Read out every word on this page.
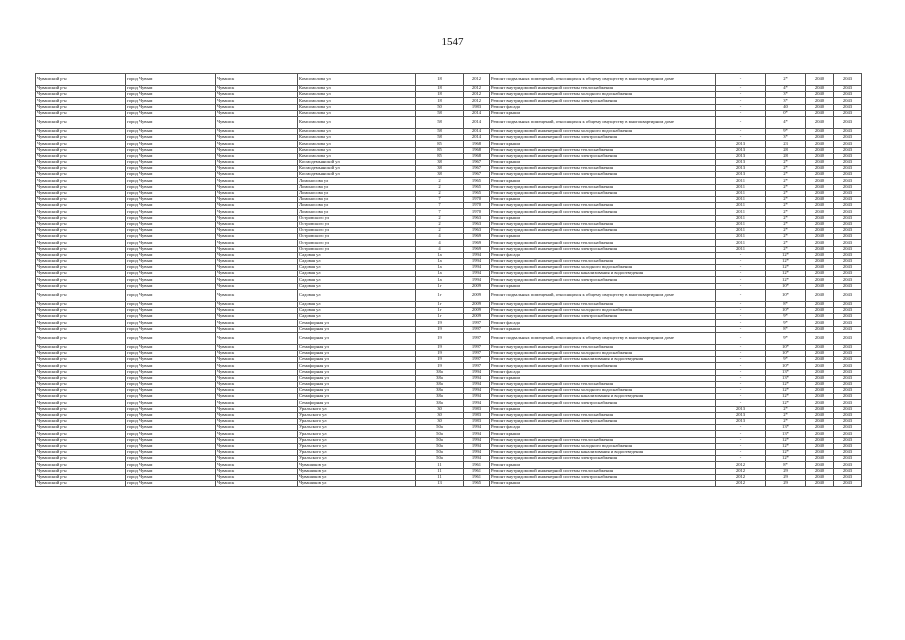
1547
Чувашский р-н	город Чувым	Чувашск	Комсомолова ул	18	2012	Ремонт подвальных помещений, относящихся к общему имуществу в многоквартирном доме	-	2*	2040	2043
Чувашский р-н	город Чувым	Чувашск	Комсомолова ул	18	2012	Ремонт внутридомовой инженерной системы теплоснабжения	-	4*	2040	2043
Чувашский р-н	город Чувым	Чувашск	Комсомолова ул	18	2012	Ремонт внутридомовой инженерной системы холодного водоснабжения	-	3*	2040	2043
Чувашский р-н	город Чувым	Чувашск	Комсомолова ул	18	2012	Ремонт внутридомовой инженерной системы электроснабжения	-	3*	2040	2043
Чувашский р-н	город Чувым	Чувашск	Комсомолова ул	50	1983	Ремонт фасада	-	40	2040	2043
Чувашский р-н	город Чувым	Чувашск	Комсомолова ул	58	2014	Ремонт крыши	-	0*	2040	2043
Чувашский р-н	город Чувым	Чувашск	Комсомолова ул	58	2014	Ремонт подвальных помещений, относящихся к общему имуществу в многоквартирном доме	-	4*	2040	2043
Чувашский р-н	город Чувым	Чувашск	Комсомолова ул	58	2014	Ремонт внутридомовой инженерной системы холодного водоснабжения	-	9*	2040	2043
Чувашский р-н	город Чувым	Чувашск	Комсомолова ул	58	2014	Ремонт внутридомовой инженерной системы электроснабжения	-	3*	2040	2043
Чувашский р-н	город Чувым	Чувашск	Комсомолова ул	85	1968	Ремонт крыши	2013	23	2040	2043
Чувашский р-н	город Чувым	Чувашск	Комсомолова ул	85	1968	Ремонт внутридомовой инженерной системы теплоснабжения	2013	28	2040	2043
Чувашский р-н	город Чувым	Чувашск	Комсомолова ул	85	1968	Ремонт внутридомовой инженерной системы электроснабжения	2013	28	2040	2043
Чувашский р-н	город Чувым	Чувашск	Космодемьянской ул	38	1967	Ремонт крыши	2013	2*	2040	2043
Чувашский р-н	город Чувым	Чувашск	Космодемьянской ул	38	1967	Ремонт внутридомовой инженерной системы теплоснабжения	2013	2*	2040	2043
Чувашский р-н	город Чувым	Чувашск	Космодемьянской ул	38	1967	Ремонт внутридомовой инженерной системы электроснабжения	2013	2*	2040	2043
Чувашский р-н	город Чувым	Чувашск	Ломоносова ул	2	1965	Ремонт крыши	2011	2*	2040	2043
Чувашский р-н	город Чувым	Чувашск	Ломоносова ул	2	1965	Ремонт внутридомовой инженерной системы теплоснабжения	2011	2*	2040	2043
Чувашский р-н	город Чувым	Чувашск	Ломоносова ул	2	1965	Ремонт внутридомовой инженерной системы электроснабжения	2011	2*	2040	2043
Чувашский р-н	город Чувым	Чувашск	Ломоносова ул	7	1970	Ремонт крыши	2011	2*	2040	2043
Чувашский р-н	город Чувым	Чувашск	Ломоносова ул	7	1970	Ремонт внутридомовой инженерной системы теплоснабжения	2011	2*	2040	2043
Чувашский р-н	город Чувым	Чувашск	Ломоносова ул	7	1970	Ремонт внутридомовой инженерной системы электроснабжения	2011	2*	2040	2043
Чувашский р-н	город Чувым	Чувашск	Островского ул	2	1963	Ремонт крыши	2011	2*	2040	2043
Чувашский р-н	город Чувым	Чувашск	Островского ул	2	1963	Ремонт внутридомовой инженерной системы теплоснабжения	2011	2*	2040	2043
Чувашский р-н	город Чувым	Чувашск	Островского ул	2	1963	Ремонт внутридомовой инженерной системы электроснабжения	2011	2*	2040	2043
Чувашский р-н	город Чувым	Чувашск	Островского ул	4	1969	Ремонт крыши	2011	2*	2040	2043
Чувашский р-н	город Чувым	Чувашск	Островского ул	4	1969	Ремонт внутридомовой инженерной системы теплоснабжения	2011	2*	2040	2043
Чувашский р-н	город Чувым	Чувашск	Островского ул	4	1969	Ремонт внутридомовой инженерной системы электроснабжения	2011	2*	2040	2043
Чувашский р-н	город Чувым	Чувашск	Садовая ул	1а	1994	Ремонт фасада	-	12*	2040	2043
Чувашский р-н	город Чувым	Чувашск	Садовая ул	1а	1994	Ремонт внутридомовой инженерной системы теплоснабжения	-	12*	2040	2043
Чувашский р-н	город Чувым	Чувашск	Садовая ул	1а	1994	Ремонт внутридомовой инженерной системы холодного водоснабжения	-	12*	2040	2043
Чувашский р-н	город Чувым	Чувашск	Садовая ул	1а	1994	Ремонт внутридомовой инженерной системы канализования и водоотведения	-	12*	2040	2043
Чувашский р-н	город Чувым	Чувашск	Садовая ул	1а	1994	Ремонт внутридомовой инженерной системы электроснабжения	-	12*	2040	2043
Чувашский р-н	город Чувым	Чувашск	Садовая ул	1г	2009	Ремонт крыши	-	10*	2040	2043
Чувашский р-н	город Чувым	Чувашск	Садовая ул	1г	2009	Ремонт подвальных помещений, относящихся к общему имуществу в многоквартирном доме	-	10*	2040	2043
Чувашский р-н	город Чувым	Чувашск	Садовая ул	1г	2009	Ремонт внутридомовой инженерной системы теплоснабжения	-	8*	2040	2043
Чувашский р-н	город Чувым	Чувашск	Садовая ул	1г	2009	Ремонт внутридомовой инженерной системы холодного водоснабжения	-	10*	2040	2043
Чувашский р-н	город Чувым	Чувашск	Садовая ул	1г	2009	Ремонт внутридомовой инженерной системы электроснабжения	-	9*	2040	2043
Чувашский р-н	город Чувым	Чувашск	Семафорная ул	19	1997	Ремонт фасада	-	9*	2040	2043
Чувашский р-н	город Чувым	Чувашск	Семафорная ул	19	1997	Ремонт крыши	-	8*	2040	2043
Чувашский р-н	город Чувым	Чувашск	Семафорная ул	19	1997	Ремонт подвальных помещений, относящихся к общему имуществу в многоквартирном доме	-	9*	2040	2043
Чувашский р-н	город Чувым	Чувашск	Семафорная ул	19	1997	Ремонт внутридомовой инженерной системы теплоснабжения	-	10*	2040	2043
Чувашский р-н	город Чувым	Чувашск	Семафорная ул	19	1997	Ремонт внутридомовой инженерной системы холодного водоснабжения	-	10*	2040	2043
Чувашский р-н	город Чувым	Чувашск	Семафорная ул	19	1997	Ремонт внутридомовой инженерной системы канализования и водоотведения	-	9*	2040	2043
Чувашский р-н	город Чувым	Чувашск	Семафорная ул	19	1997	Ремонт внутридомовой инженерной системы электроснабжения	-	10*	2040	2043
Чувашский р-н	город Чувым	Чувашск	Семафорная ул	38а	1994	Ремонт фасада	-	13*	2040	2043
Чувашский р-н	город Чувым	Чувашск	Семафорная ул	38а	1994	Ремонт крыши	-	13*	2040	2043
Чувашский р-н	город Чувым	Чувашск	Семафорная ул	38а	1994	Ремонт внутридомовой инженерной системы теплоснабжения	-	12*	2040	2043
Чувашский р-н	город Чувым	Чувашск	Семафорная ул	38а	1994	Ремонт внутридомовой инженерной системы холодного водоснабжения	-	12*	2040	2043
Чувашский р-н	город Чувым	Чувашск	Семафорная ул	38а	1994	Ремонт внутридомовой инженерной системы канализования и водоотведения	-	12*	2040	2043
Чувашский р-н	город Чувым	Чувашск	Семафорная ул	38а	1994	Ремонт внутридомовой инженерной системы электроснабжения	-	12*	2040	2043
Чувашский р-н	город Чувым	Чувашск	Уральского ул	30	1983	Ремонт крыши	2013	2*	2040	2043
Чувашский р-н	город Чувым	Чувашск	Уральского ул	30	1983	Ремонт внутридомовой инженерной системы теплоснабжения	2013	2*	2040	2043
Чувашский р-н	город Чувым	Чувашск	Уральского ул	30	1983	Ремонт внутридомовой инженерной системы электроснабжения	2013	2*	2040	2043
Чувашский р-н	город Чувым	Чувашск	Уральского ул	50а	1994	Ремонт фасада	-	13*	2040	2043
Чувашский р-н	город Чувым	Чувашск	Уральского ул	50а	1994	Ремонт крыши	-	13*	2040	2043
Чувашский р-н	город Чувым	Чувашск	Уральского ул	50а	1994	Ремонт внутридомовой инженерной системы теплоснабжения	-	12*	2040	2043
Чувашский р-н	город Чувым	Чувашск	Уральского ул	50а	1994	Ремонт внутридомовой инженерной системы холодного водоснабжения	-	12*	2040	2043
Чувашский р-н	город Чувым	Чувашск	Уральского ул	50а	1994	Ремонт внутридомовой инженерной системы канализования и водоотведения	-	12*	2040	2043
Чувашский р-н	город Чувым	Чувашск	Уральского ул	50а	1994	Ремонт внутридомовой инженерной системы электроснабжения	-	12*	2040	2043
Чувашский р-н	город Чувым	Чувашск	Чувашиков ул	11	1961	Ремонт крыши	2012	8*	2040	2043
Чувашский р-н	город Чувым	Чувашск	Чувашиков ул	11	1961	Ремонт внутридомовой инженерной системы теплоснабжения	2012	29	2040	2043
Чувашский р-н	город Чувым	Чувашск	Чувашиков ул	11	1961	Ремонт внутридомовой инженерной системы электроснабжения	2012	29	2040	2043
Чувашский р-н	город Чувым	Чувашск	Чувашиков ул	13	1965	Ремонт крыши	2012	29	2040	2043
